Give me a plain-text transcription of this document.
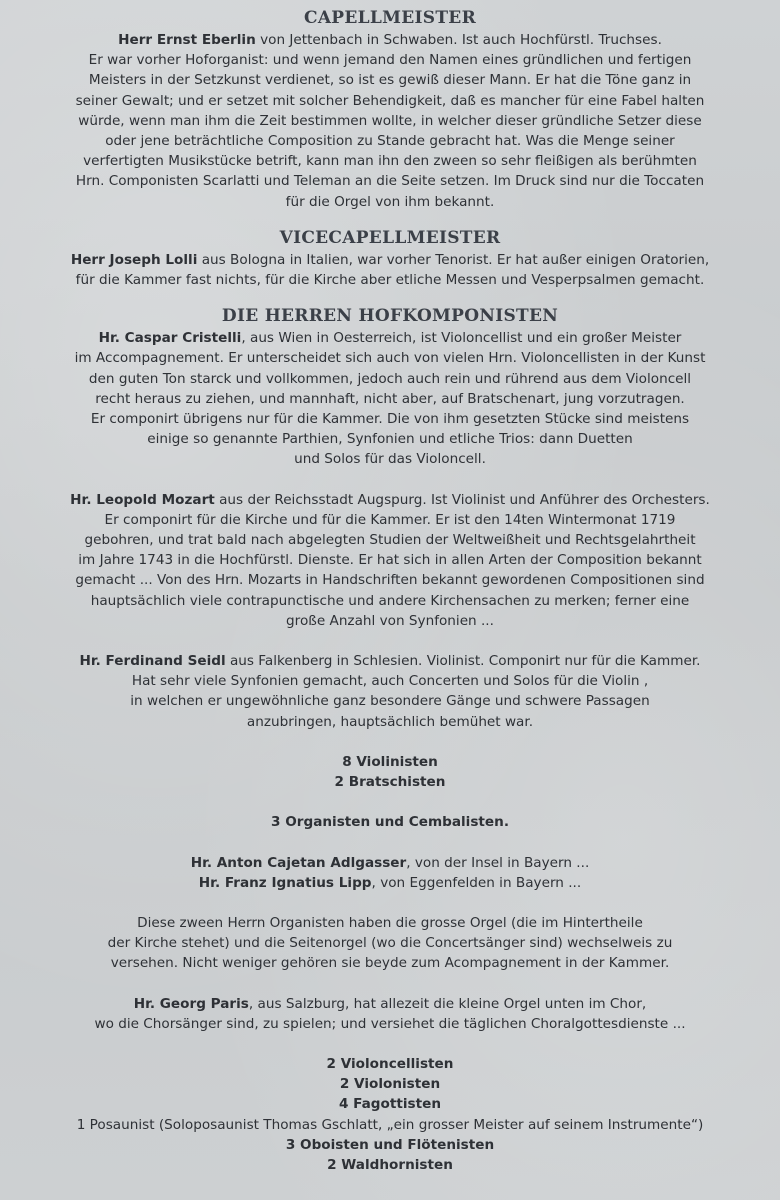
CAPELLMEISTER

Herr Ernst Eberlin von Jettenbach in Schwaben. Ist auch Hochfürstl. Truchses.

Er war vorher Hoforganist: und wenn jemand den Namen eines gründlichen und fertigen

Meisters in der Setzkunst verdienet, so ist es gewiß dieser Mann. Er hat die Töne ganz in

seiner Gewalt; und er setzet mit solcher Behendigkeit, daß es mancher für eine Fabel halten

würde, wenn man ihm die Zeit bestimmen wollte, in welcher dieser gründliche Setzer diese

oder jene beträchtliche Composition zu Stande gebracht hat. Was die Menge seiner

verfertigten Musikstücke betrift, kann man ihn den zween so sehr fleißigen als berühmten

Hrn. Componisten Scarlatti und Teleman an die Seite setzen. Im Druck sind nur die Toccaten

für die Orgel von ihm bekannt.

VICECAPELLMEISTER

Herr Joseph Lolli aus Bologna in Italien, war vorher Tenorist. Er hat außer einigen Oratorien,

für die Kammer fast nichts, für die Kirche aber etliche Messen und Vesperpsalmen gemacht.

DIE HERREN HOFKOMPONISTEN

Hr. Caspar Cristelli, aus Wien in Oesterreich, ist Violoncellist und ein großer Meister

im Accompagnement. Er unterscheidet sich auch von vielen Hrn. Violoncellisten in der Kunst

den guten Ton starck und vollkommen, jedoch auch rein und rührend aus dem Violoncell

recht heraus zu ziehen, und mannhaft, nicht aber, auf Bratschenart, jung vorzutragen.

Er componirt übrigens nur für die Kammer. Die von ihm gesetzten Stücke sind meistens

einige so genannte Parthien, Synfonien und etliche Trios: dann Duetten

und Solos für das Violoncell.

Hr. Leopold Mozart aus der Reichsstadt Augspurg. Ist Violinist und Anführer des Orchesters.

Er componirt für die Kirche und für die Kammer. Er ist den 14ten Wintermonat 1719

gebohren, und trat bald nach abgelegten Studien der Weltweißheit und Rechtsgelahrtheit

im Jahre 1743 in die Hochfürstl. Dienste. Er hat sich in allen Arten der Composition bekannt

gemacht ... Von des Hrn. Mozarts in Handschriften bekannt gewordenen Compositionen sind

hauptsächlich viele contrapunctische und andere Kirchensachen zu merken; ferner eine

große Anzahl von Synfonien ...

Hr. Ferdinand Seidl aus Falkenberg in Schlesien. Violinist. Componirt nur für die Kammer.

Hat sehr viele Synfonien gemacht, auch Concerten und Solos für die Violin ,

in welchen er ungewöhnliche ganz besondere Gänge und schwere Passagen

anzubringen, hauptsächlich bemühet war.

8 Violinisten

2 Bratschisten

3 Organisten und Cembalisten.

Hr. Anton Cajetan Adlgasser, von der Insel in Bayern ...

Hr. Franz Ignatius Lipp, von Eggenfelden in Bayern ...

Diese zween Herrn Organisten haben die grosse Orgel (die im Hintertheile

der Kirche stehet) und die Seitenorgel (wo die Concertsänger sind) wechselweis zu

versehen. Nicht weniger gehören sie beyde zum Acompagnement in der Kammer.

Hr. Georg Paris, aus Salzburg, hat allezeit die kleine Orgel unten im Chor,

wo die Chorsänger sind, zu spielen; und versiehet die täglichen Choralgottesdienste ...

2 Violoncellisten

2 Violonisten

4 Fagottisten

1 Posaunist (Soloposaunist Thomas Gschlatt, „ein grosser Meister auf seinem Instrumente“)

3 Oboisten und Flötenisten

2 Waldhornisten
